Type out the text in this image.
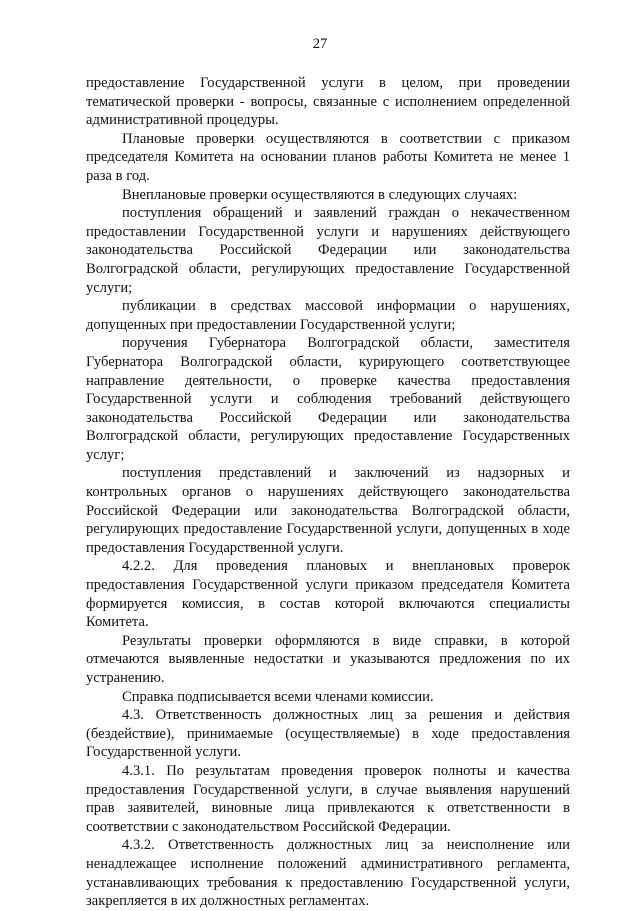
27

предоставление Государственной услуги в целом, при проведении тематической проверки - вопросы, связанные с исполнением определенной административной процедуры.

Плановые проверки осуществляются в соответствии с приказом председателя Комитета на основании планов работы Комитета не менее 1 раза в год.

Внеплановые проверки осуществляются в следующих случаях:

поступления обращений и заявлений граждан о некачественном предоставлении Государственной услуги и нарушениях действующего законодательства Российской Федерации или законодательства Волгоградской области, регулирующих предоставление Государственной услуги;

публикации в средствах массовой информации о нарушениях, допущенных при предоставлении Государственной услуги;

поручения Губернатора Волгоградской области, заместителя Губернатора Волгоградской области, курирующего соответствующее направление деятельности, о проверке качества предоставления Государственной услуги и соблюдения требований действующего законодательства Российской Федерации или законодательства Волгоградской области, регулирующих предоставление Государственных услуг;

поступления представлений и заключений из надзорных и контрольных органов о нарушениях действующего законодательства Российской Федерации или законодательства Волгоградской области, регулирующих предоставление Государственной услуги, допущенных в ходе предоставления Государственной услуги.

4.2.2. Для проведения плановых и внеплановых проверок предоставления Государственной услуги приказом председателя Комитета формируется комиссия, в состав которой включаются специалисты Комитета.

Результаты проверки оформляются в виде справки, в которой отмечаются выявленные недостатки и указываются предложения по их устранению.

Справка подписывается всеми членами комиссии.

4.3. Ответственность должностных лиц за решения и действия (бездействие), принимаемые (осуществляемые) в ходе предоставления Государственной услуги.

4.3.1. По результатам проведения проверок полноты и качества предоставления Государственной услуги, в случае выявления нарушений прав заявителей, виновные лица привлекаются к ответственности в соответствии с законодательством Российской Федерации.

4.3.2. Ответственность должностных лиц за неисполнение или ненадлежащее исполнение положений административного регламента, устанавливающих требования к предоставлению Государственной услуги, закрепляется в их должностных регламентах.
